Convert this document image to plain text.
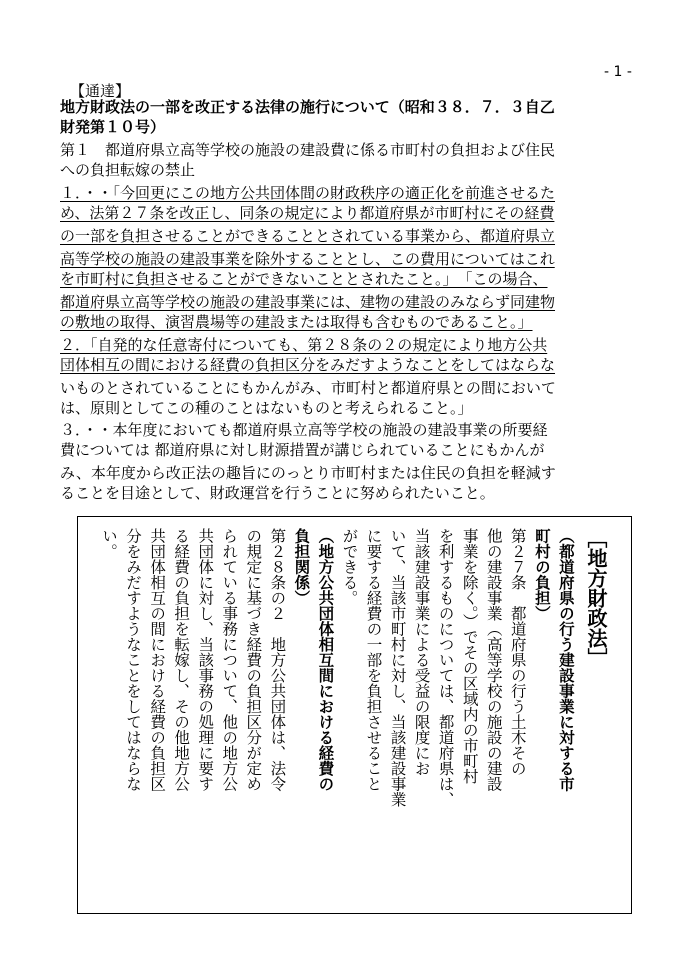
- 1 -
【通達】
地方財政法の一部を改正する法律の施行について（昭和３８．７．３自乙
財発第１０号）
第１　都道府県立高等学校の施設の建設費に係る市町村の負担および住民
への負担転嫁の禁止
１．・・「今回更にこの地方公共団体間の財政秩序の適正化を前進させるた
め、法第２７条を改正し、同条の規定により都道府県が市町村にその経費
の一部を負担させることができることとされている事業から、都道府県立
高等学校の施設の建設事業を除外することとし、この費用についてはこれ
を市町村に負担させることができないこととされたこと。」　「この場合、
都道府県立高等学校の施設の建設事業には、建物の建設のみならず同建物
の敷地の取得、演習農場等の建設または取得も含むものであること。」
２．「自発的な任意寄付についても、第２８条の２の規定により地方公共
団体相互の間における経費の負担区分をみだすようなことをしてはならな
いものとされていることにもかんがみ、市町村と都道府県との間において
は、原則としてこの種のことはないものと考えられること。」
３．・・本年度においても都道府県立高等学校の施設の建設事業の所要経
費については 都道府県に対し財源措置が講じられていることにもかんが
み、本年度から改正法の趣旨にのっとり市町村または住民の負担を軽減す
ることを目途として、財政運営を行うことに努められたいこと。
［地方財政法］
（都道府県の行う建設事業に対する市
町村の負担）
第２７条　都道府県の行う土木その
他の建設事業（高等学校の施設の建設
事業を除く。）でその区域内の市町村
を利するものについては、都道府県は、
当該建設事業による受益の限度にお
いて、当該市町村に対し、当該建設事業
に要する経費の一部を負担させること
ができる。
（地方公共団体相互間における経費の
負担関係）
第２８条の２　地方公共団体は、法令
の規定に基づき経費の負担区分が定め
られている事務について、他の地方公
共団体に対し、当該事務の処理に要す
る経費の負担を転嫁し、その他地方公
共団体相互の間における経費の負担区
分をみだすようなことをしてはならな
い。
